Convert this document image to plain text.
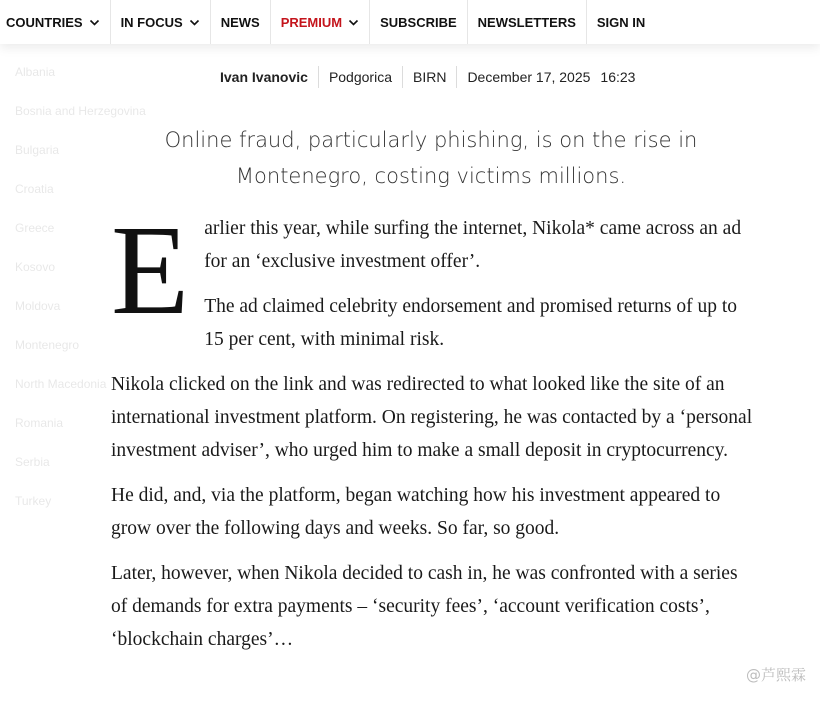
COUNTRIES	IN FOCUS	NEWS PREMIUM	SUBSCRIBE NEWSLETTERS SIGN IN
Albania
Bosnia and Herzegovina
Bulgaria
Croatia
Greece
Kosovo
Moldova
Montenegro
North Macedonia
Romania
Serbia
Turkey
Ivan Ivanovic	Podgorica	BIRN	December 17, 2025 16:23
Online fraud, particularly phishing, is on the rise in Montenegro, costing victims millions.
E arlier this year, while surfing the internet, Nikola* came across an ad for an ‘exclusive investment offer’.

The ad claimed celebrity endorsement and promised returns of up to 15 per cent, with minimal risk.

Nikola clicked on the link and was redirected to what looked like the site of an international investment platform. On registering, he was contacted by a ‘personal investment adviser’, who urged him to make a small deposit in cryptocurrency.

He did, and, via the platform, began watching how his investment appeared to grow over the following days and weeks. So far, so good.

Later, however, when Nikola decided to cash in, he was confronted with a series of demands for extra payments – ‘security fees’, ‘account verification costs’, ‘blockchain charges’…

@芦熙霖
